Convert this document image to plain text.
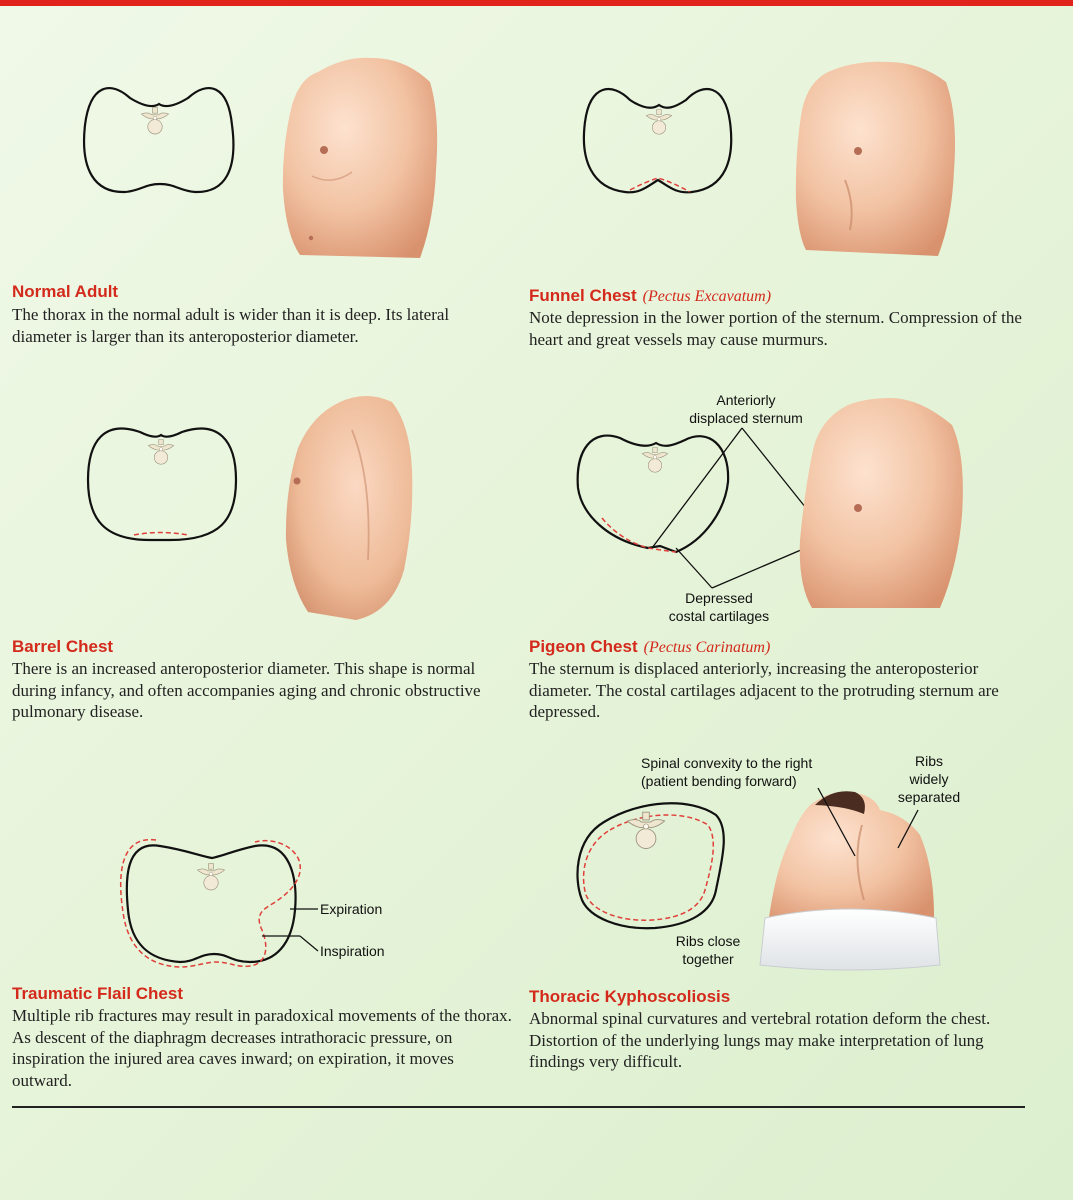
Normal Adult
The thorax in the normal adult is wider than it is deep. Its lateral diameter is larger than its anteroposterior diameter.
Funnel Chest (Pectus Excavatum)
Note depression in the lower portion of the sternum. Compression of the heart and great vessels may cause murmurs.
Barrel Chest
There is an increased anteroposterior diameter. This shape is normal during infancy, and often accompanies aging and chronic obstructive pulmonary disease.
Pigeon Chest (Pectus Carinatum)
The sternum is displaced anteriorly, increasing the anteroposterior diameter. The costal cartilages adjacent to the protruding sternum are depressed.
Anteriorly
displaced sternum
Depressed
costal cartilages
Traumatic Flail Chest
Multiple rib fractures may result in paradoxical movements of the thorax. As descent of the diaphragm decreases intrathoracic pressure, on inspiration the injured area caves inward; on expiration, it moves outward.
Expiration
Inspiration
Thoracic Kyphoscoliosis
Abnormal spinal curvatures and vertebral rotation deform the chest. Distortion of the underlying lungs may make interpretation of lung findings very difficult.
Spinal convexity to the right
(patient bending forward)
Ribs
widely
separated
Ribs close
together
